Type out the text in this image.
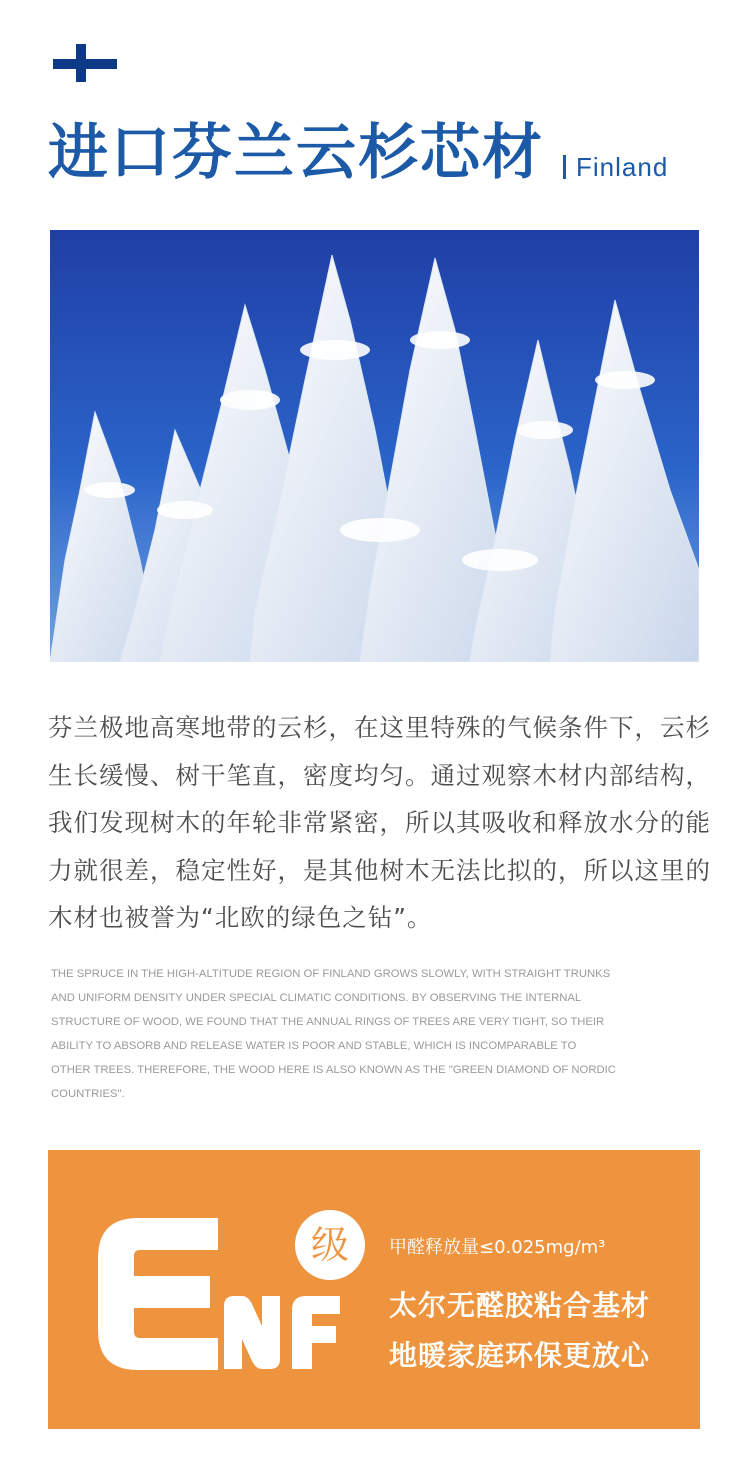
进口芬兰云杉芯材 Finland
芬兰极地高寒地带的云杉，在这里特殊的气候条件下，云杉
生长缓慢、树干笔直，密度均匀。通过观察木材内部结构，
我们发现树木的年轮非常紧密，所以其吸收和释放水分的能
力就很差，稳定性好，是其他树木无法比拟的，所以这里的
木材也被誉为“北欧的绿色之钻”。
THE SPRUCE IN THE HIGH-ALTITUDE REGION OF FINLAND GROWS SLOWLY, WITH STRAIGHT TRUNKS
AND UNIFORM DENSITY UNDER SPECIAL CLIMATIC CONDITIONS. BY OBSERVING THE INTERNAL
STRUCTURE OF WOOD, WE FOUND THAT THE ANNUAL RINGS OF TREES ARE VERY TIGHT, SO THEIR
ABILITY TO ABSORB AND RELEASE WATER IS POOR AND STABLE, WHICH IS INCOMPARABLE TO
OTHER TREES. THEREFORE, THE WOOD HERE IS ALSO KNOWN AS THE "GREEN DIAMOND OF NORDIC
COUNTRIES".
级	甲醛释放量≤0.025mg/m³
太尔无醛胶粘合基材
地暖家庭环保更放心
